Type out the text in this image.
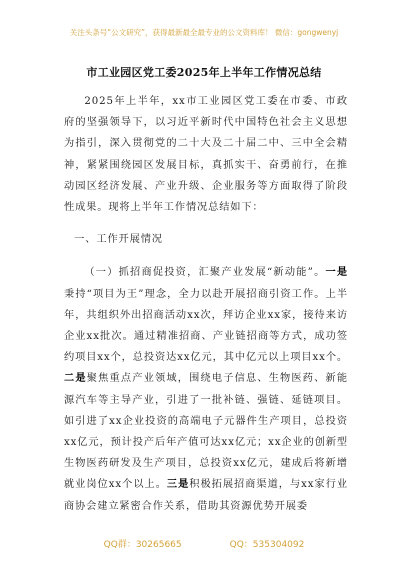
关注头条号“公文研究”，获得最新最全最专业的公文资料库！ 微信：gongwenyj
市工业园区党工委2025年上半年工作情况总结

2025年上半年，xx市工业园区党工委在市委、市政府的坚强领导下，以习近平新时代中国特色社会主义思想为指引，深入贯彻党的二十大及二十届二中、三中全会精神，紧紧围绕园区发展目标，真抓实干、奋勇前行，在推动园区经济发展、产业升级、企业服务等方面取得了阶段性成果。现将上半年工作情况总结如下：

一、工作开展情况

（一）抓招商促投资，汇聚产业发展“新动能”。一是秉持“项目为王”理念，全力以赴开展招商引资工作。上半年，共组织外出招商活动xx次，拜访企业xx家，接待来访企业xx批次。通过精准招商、产业链招商等方式，成功签约项目xx个，总投资达xx亿元，其中亿元以上项目xx个。二是聚焦重点产业领域，围绕电子信息、生物医药、新能源汽车等主导产业，引进了一批补链、强链、延链项目。如引进了xx企业投资的高端电子元器件生产项目，总投资xx亿元，预计投产后年产值可达xx亿元；xx企业的创新型生物医药研发及生产项目，总投资xx亿元，建成后将新增就业岗位xx个以上。三是积极拓展招商渠道，与xx家行业商协会建立紧密合作关系，借助其资源优势开展委

QQ群：30265665	QQ：535304092
